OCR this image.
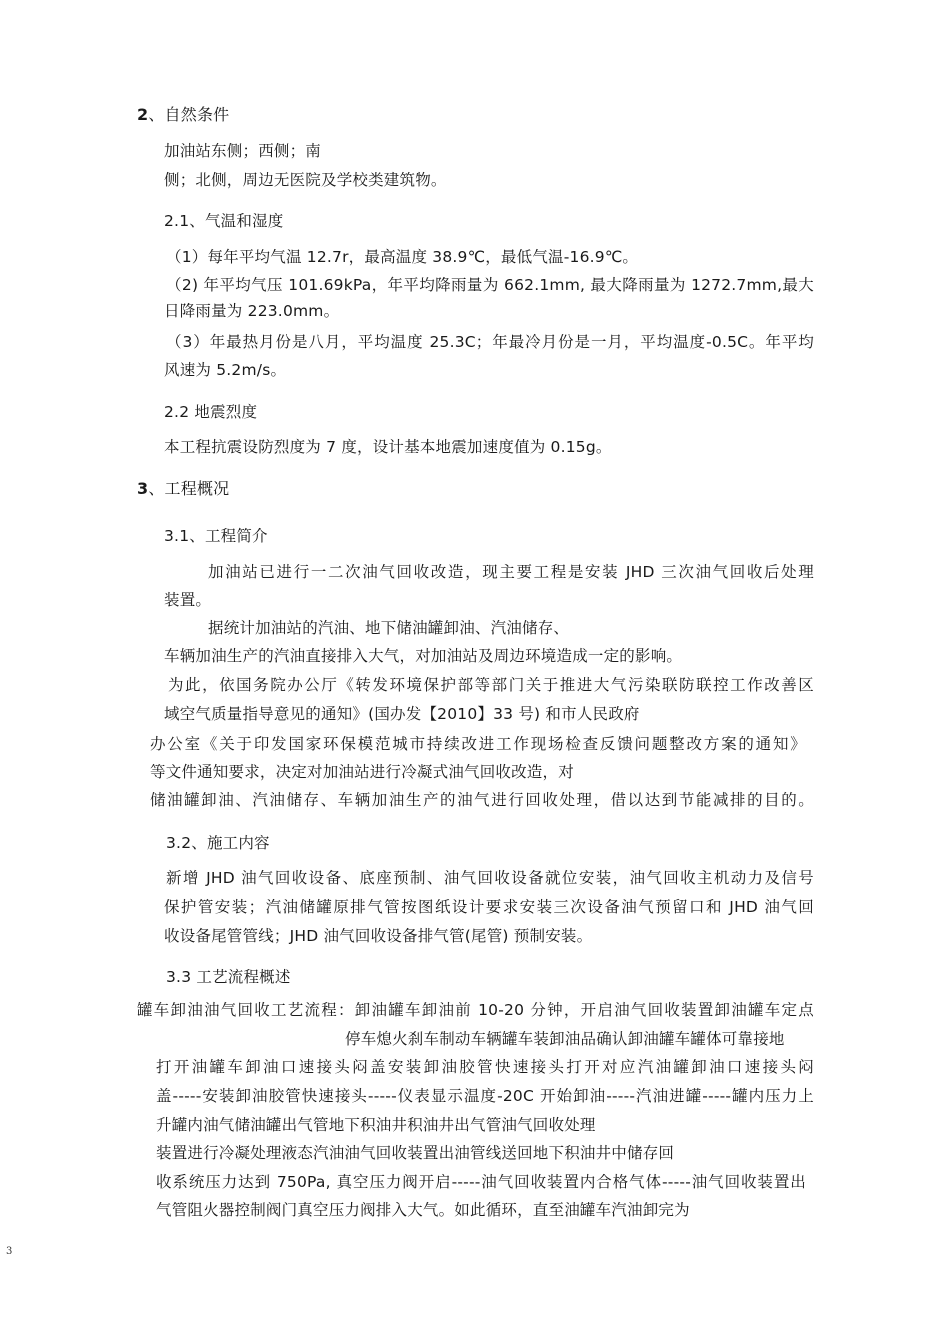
2、自然条件
加油站东侧；西侧；南
侧；北侧，周边无医院及学校类建筑物。
2.1、气温和湿度
（1）每年平均气温 12.7r，最高温度 38.9℃，最低气温-16.9℃。
（2) 年平均气压 101.69kPa，年平均降雨量为 662.1mm, 最大降雨量为 1272.7mm,最大
日降雨量为 223.0mm。
（3）年最热月份是八月，平均温度 25.3C；年最冷月份是一月，平均温度-0.5C。年平均
风速为 5.2m/s。
2.2 地震烈度
本工程抗震设防烈度为 7 度，设计基本地震加速度值为 0.15g。
3、工程概况
3.1、工程简介
加油站已进行一二次油气回收改造，现主要工程是安装 JHD 三次油气回收后处理
装置。
据统计加油站的汽油、地下储油罐卸油、汽油储存、
车辆加油生产的汽油直接排入大气，对加油站及周边环境造成一定的影响。
为此，依国务院办公厅《转发环境保护部等部门关于推进大气污染联防联控工作改善区
域空气质量指导意见的通知》(国办发【2010】33 号) 和市人民政府
办公室《关于印发国家环保模范城市持续改进工作现场检查反馈问题整改方案的通知》
等文件通知要求，决定对加油站进行冷凝式油气回收改造，对
储油罐卸油、汽油储存、车辆加油生产的油气进行回收处理，借以达到节能减排的目的。
3.2、施工内容
新增 JHD 油气回收设备、底座预制、油气回收设备就位安装，油气回收主机动力及信号
保护管安装；汽油储罐原排气管按图纸设计要求安装三次设备油气预留口和 JHD 油气回
收设备尾管管线；JHD 油气回收设备排气管(尾管) 预制安装。
3.3 工艺流程概述
罐车卸油油气回收工艺流程：卸油罐车卸油前 10-20 分钟，开启油气回收装置卸油罐车定点
停车熄火刹车制动车辆罐车装卸油品确认卸油罐车罐体可靠接地
打开油罐车卸油口速接头闷盖安装卸油胶管快速接头打开对应汽油罐卸油口速接头闷
盖-----安装卸油胶管快速接头-----仪表显示温度-20C 开始卸油-----汽油进罐-----罐内压力上
升罐内油气储油罐出气管地下积油井积油井出气管油气回收处理
装置进行冷凝处理液态汽油油气回收装置出油管线送回地下积油井中储存回
收系统压力达到 750Pa, 真空压力阀开启-----油气回收装置内合格气体-----油气回收装置出
气管阻火器控制阀门真空压力阀排入大气。如此循环，直至油罐车汽油卸完为
3
